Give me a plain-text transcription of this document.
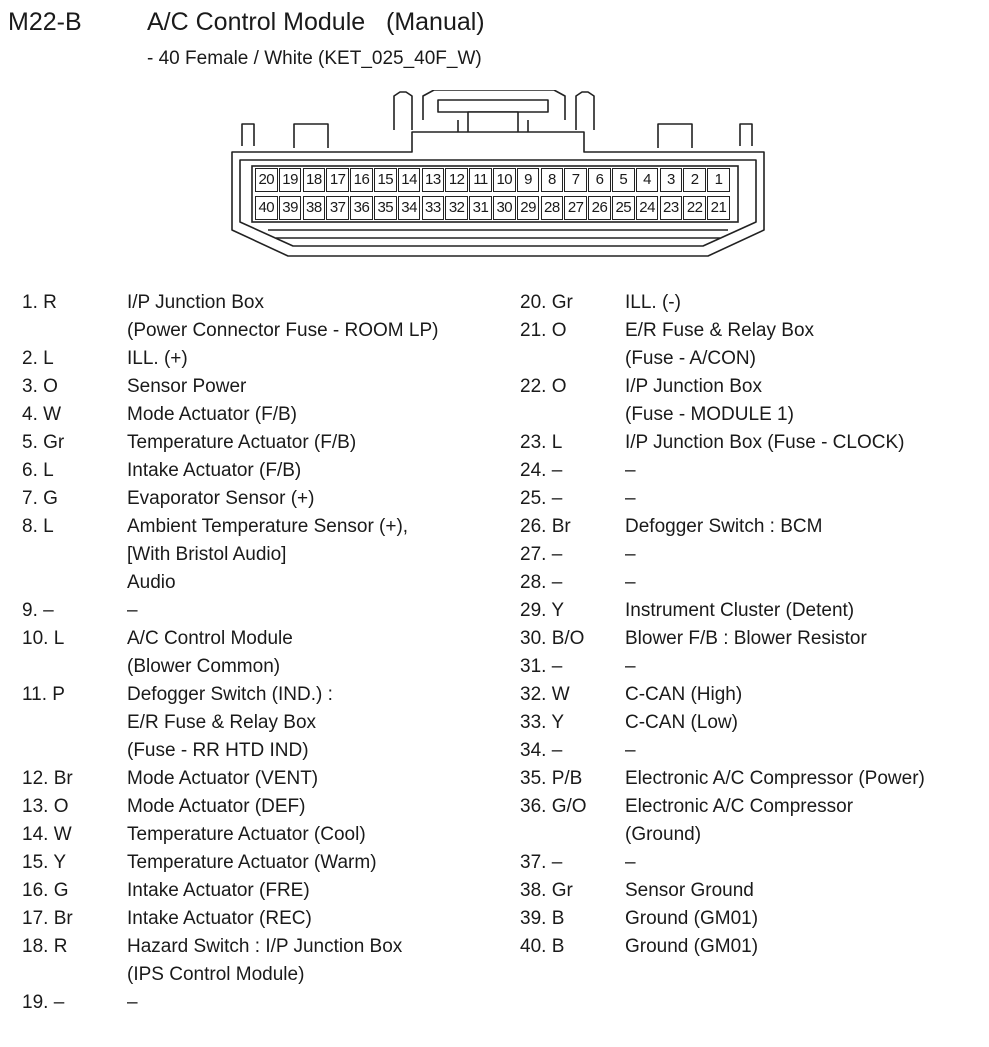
M22-B	A/C Control Module   (Manual)
- 40 Female / White (KET_025_40F_W)
20 19 18 17 16 15 14 13 12 11 10 9	8	7	6	5	4	3	2	1
40 39 38 37 36 35 34 33 32 31 30 29 28 27 26 25 24 23 22 21
1. R	I/P Junction Box
(Power Connector Fuse - ROOM LP)
2. L	ILL. (+)
3. O	Sensor Power
4. W	Mode Actuator (F/B)
5. Gr	Temperature Actuator (F/B)
6. L	Intake Actuator (F/B)
7. G	Evaporator Sensor (+)
8. L	Ambient Temperature Sensor (+),
[With Bristol Audio]
Audio
9. –	–
10. L	A/C Control Module
(Blower Common)
11. P	Defogger Switch (IND.) :
E/R Fuse & Relay Box
(Fuse - RR HTD IND)
12. Br	Mode Actuator (VENT)
13. O	Mode Actuator (DEF)
14. W	Temperature Actuator (Cool)
15. Y	Temperature Actuator (Warm)
16. G	Intake Actuator (FRE)
17. Br	Intake Actuator (REC)
18. R	Hazard Switch : I/P Junction Box
(IPS Control Module)
19. –	–
20. Gr	ILL. (-)
21. O	E/R Fuse & Relay Box
(Fuse - A/CON)
22. O	I/P Junction Box
(Fuse - MODULE 1)
23. L	I/P Junction Box (Fuse - CLOCK)
24. –	–
25. –	–
26. Br	Defogger Switch : BCM
27. –	–
28. –	–
29. Y	Instrument Cluster (Detent)
30. B/O Blower F/B : Blower Resistor
31. –	–
32. W	C-CAN (High)
33. Y	C-CAN (Low)
34. –	–
35. P/B Electronic A/C Compressor (Power)
36. G/O Electronic A/C Compressor
(Ground)
37. –	–
38. Gr	Sensor Ground
39. B	Ground (GM01)
40. B	Ground (GM01)
